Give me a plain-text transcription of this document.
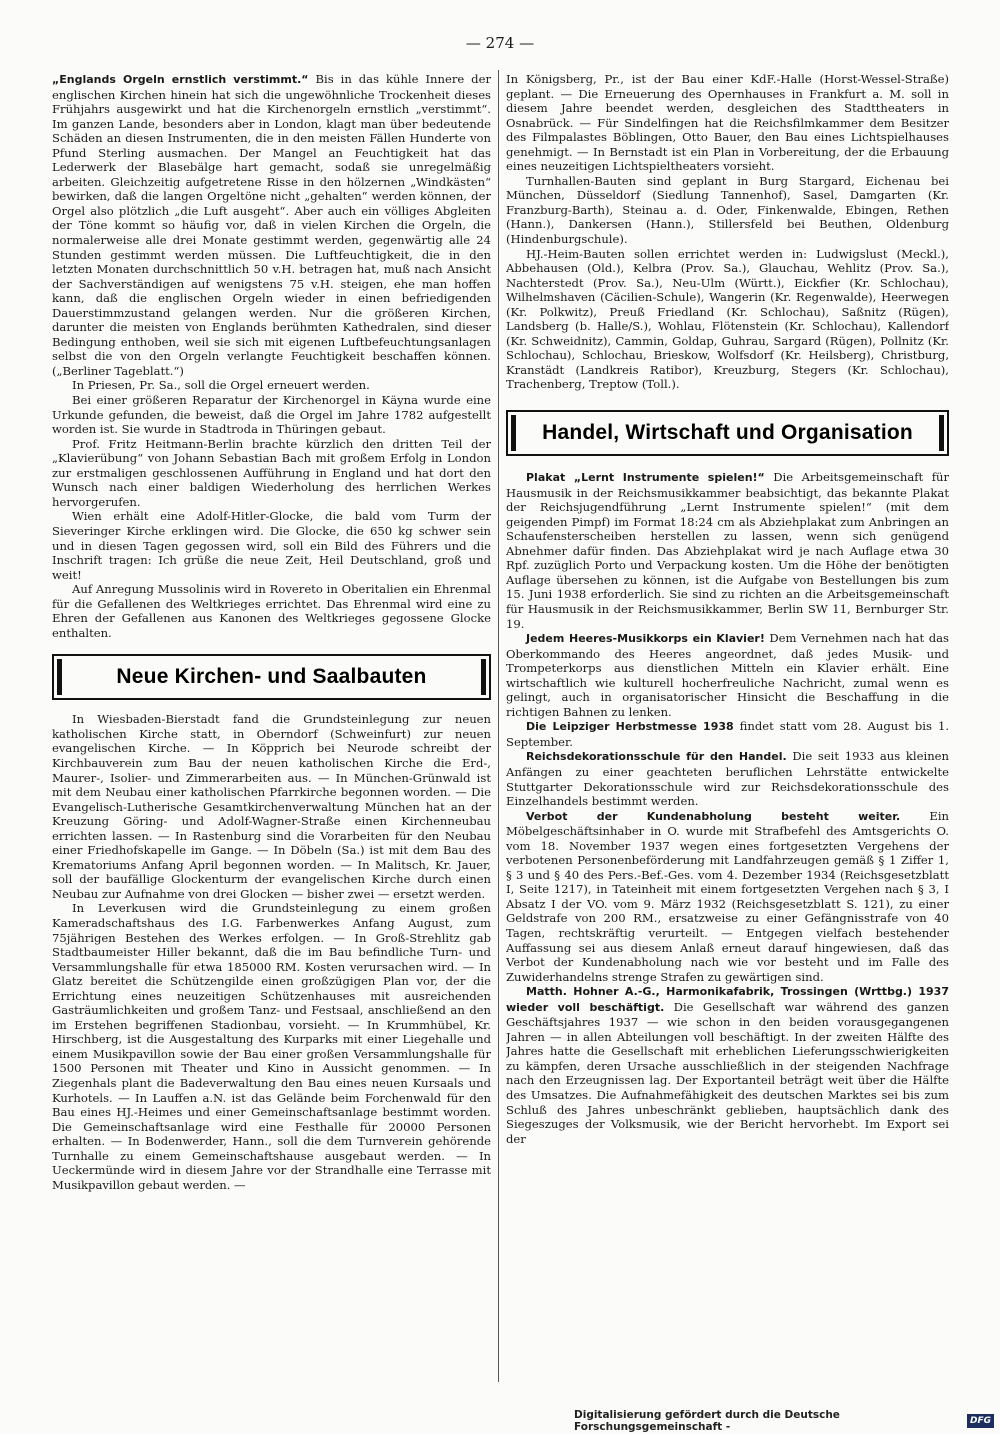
— 274 —

„Englands Orgeln ernstlich verstimmt.“ Bis in das kühle Innere der englischen Kirchen hinein hat sich die ungewöhnliche Trockenheit dieses Frühjahrs ausgewirkt und hat die Kirchenorgeln ernstlich „verstimmt“. Im ganzen Lande, besonders aber in London, klagt man über bedeutende Schäden an diesen Instrumenten, die in den meisten Fällen Hunderte von Pfund Sterling ausmachen. Der Mangel an Feuchtigkeit hat das Lederwerk der Blasebälge hart gemacht, sodaß sie unregelmäßig arbeiten. Gleichzeitig aufgetretene Risse in den hölzernen „Windkästen“ bewirken, daß die langen Orgeltöne nicht „gehalten“ werden können, der Orgel also plötzlich „die Luft ausgeht“. Aber auch ein völliges Abgleiten der Töne kommt so häufig vor, daß in vielen Kirchen die Orgeln, die normalerweise alle drei Monate gestimmt werden, gegenwärtig alle 24 Stunden gestimmt werden müssen. Die Luftfeuchtigkeit, die in den letzten Monaten durchschnittlich 50 v.H. betragen hat, muß nach Ansicht der Sachverständigen auf wenigstens 75 v.H. steigen, ehe man hoffen kann, daß die englischen Orgeln wieder in einen befriedigenden Dauerstimmzustand gelangen werden. Nur die größeren Kirchen, darunter die meisten von Englands berühmten Kathedralen, sind dieser Bedingung enthoben, weil sie sich mit eigenen Luftbefeuchtungsanlagen selbst die von den Orgeln verlangte Feuchtigkeit beschaffen können. („Berliner Tageblatt.“)

In Priesen, Pr. Sa., soll die Orgel erneuert werden.

Bei einer größeren Reparatur der Kirchenorgel in Käyna wurde eine Urkunde gefunden, die beweist, daß die Orgel im Jahre 1782 aufgestellt worden ist. Sie wurde in Stadtroda in Thüringen gebaut.

Prof. Fritz Heitmann-Berlin brachte kürzlich den dritten Teil der „Klavierübung“ von Johann Sebastian Bach mit großem Erfolg in London zur erstmaligen geschlossenen Aufführung in England und hat dort den Wunsch nach einer baldigen Wiederholung des herrlichen Werkes hervorgerufen.

Wien erhält eine Adolf-Hitler-Glocke, die bald vom Turm der Sieveringer Kirche erklingen wird. Die Glocke, die 650 kg schwer sein und in diesen Tagen gegossen wird, soll ein Bild des Führers und die Inschrift tragen: Ich grüße die neue Zeit, Heil Deutschland, groß und weit!

Auf Anregung Mussolinis wird in Rovereto in Oberitalien ein Ehrenmal für die Gefallenen des Weltkrieges errichtet. Das Ehrenmal wird eine zu Ehren der Gefallenen aus Kanonen des Weltkrieges gegossene Glocke enthalten.

Neue Kirchen- und Saalbauten

In Wiesbaden-Bierstadt fand die Grundsteinlegung zur neuen katholischen Kirche statt, in Oberndorf (Schweinfurt) zur neuen evangelischen Kirche. — In Köpprich bei Neurode schreibt der Kirchbauverein zum Bau der neuen katholischen Kirche die Erd-, Maurer-, Isolier- und Zimmerarbeiten aus. — In München-Grünwald ist mit dem Neubau einer katholischen Pfarrkirche begonnen worden. — Die Evangelisch-Lutherische Gesamtkirchenverwaltung München hat an der Kreuzung Göring- und Adolf-Wagner-Straße einen Kirchenneubau errichten lassen. — In Rastenburg sind die Vorarbeiten für den Neubau einer Friedhofskapelle im Gange. — In Döbeln (Sa.) ist mit dem Bau des Krematoriums Anfang April begonnen worden. — In Malitsch, Kr. Jauer, soll der baufällige Glockenturm der evangelischen Kirche durch einen Neubau zur Aufnahme von drei Glocken — bisher zwei — ersetzt werden.

In Leverkusen wird die Grundsteinlegung zu einem großen Kameradschaftshaus des I.G. Farbenwerkes Anfang August, zum 75jährigen Bestehen des Werkes erfolgen. — In Groß-Strehlitz gab Stadtbaumeister Hiller bekannt, daß die im Bau befindliche Turn- und Versammlungshalle für etwa 185000 RM. Kosten verursachen wird. — In Glatz bereitet die Schützengilde einen großzügigen Plan vor, der die Errichtung eines neuzeitigen Schützenhauses mit ausreichenden Gasträumlichkeiten und großem Tanz- und Festsaal, anschließend an den im Erstehen begriffenen Stadionbau, vorsieht. — In Krummhübel, Kr. Hirschberg, ist die Ausgestaltung des Kurparks mit einer Liegehalle und einem Musikpavillon sowie der Bau einer großen Versammlungshalle für 1500 Personen mit Theater und Kino in Aussicht genommen. — In Ziegenhals plant die Badeverwaltung den Bau eines neuen Kursaals und Kurhotels. — In Lauffen a.N. ist das Gelände beim Forchenwald für den Bau eines HJ.-Heimes und einer Gemeinschaftsanlage bestimmt worden. Die Gemeinschaftsanlage wird eine Festhalle für 20000 Personen erhalten. — In Bodenwerder, Hann., soll die dem Turnverein gehörende Turnhalle zu einem Gemeinschaftshause ausgebaut werden. — In Ueckermünde wird in diesem Jahre vor der Strandhalle eine Terrasse mit Musikpavillon gebaut werden. —

In Königsberg, Pr., ist der Bau einer KdF.-Halle (Horst-Wessel-Straße) geplant. — Die Erneuerung des Opernhauses in Frankfurt a. M. soll in diesem Jahre beendet werden, desgleichen des Stadttheaters in Osnabrück. — Für Sindelfingen hat die Reichsfilmkammer dem Besitzer des Filmpalastes Böblingen, Otto Bauer, den Bau eines Lichtspielhauses genehmigt. — In Bernstadt ist ein Plan in Vorbereitung, der die Erbauung eines neuzeitigen Lichtspieltheaters vorsieht.

Turnhallen-Bauten sind geplant in Burg Stargard, Eichenau bei München, Düsseldorf (Siedlung Tannenhof), Sasel, Damgarten (Kr. Franzburg-Barth), Steinau a. d. Oder, Finkenwalde, Ebingen, Rethen (Hann.), Dankersen (Hann.), Stillersfeld bei Beuthen, Oldenburg (Hindenburgschule).

HJ.-Heim-Bauten sollen errichtet werden in: Ludwigslust (Meckl.), Abbehausen (Old.), Kelbra (Prov. Sa.), Glauchau, Wehlitz (Prov. Sa.), Nachterstedt (Prov. Sa.), Neu-Ulm (Württ.), Eickfier (Kr. Schlochau), Wilhelmshaven (Cäcilien-Schule), Wangerin (Kr. Regenwalde), Heerwegen (Kr. Polkwitz), Preuß Friedland (Kr. Schlochau), Saßnitz (Rügen), Landsberg (b. Halle/S.), Wohlau, Flötenstein (Kr. Schlochau), Kallendorf (Kr. Schweidnitz), Cammin, Goldap, Guhrau, Sargard (Rügen), Pollnitz (Kr. Schlochau), Schlochau, Brieskow, Wolfsdorf (Kr. Heilsberg), Christburg, Kranstädt (Landkreis Ratibor), Kreuzburg, Stegers (Kr. Schlochau), Trachenberg, Treptow (Toll.).

Handel, Wirtschaft und Organisation

Plakat „Lernt Instrumente spielen!“ Die Arbeitsgemeinschaft für Hausmusik in der Reichsmusikkammer beabsichtigt, das bekannte Plakat der Reichsjugendführung „Lernt Instrumente spielen!“ (mit dem geigenden Pimpf) im Format 18:24 cm als Abziehplakat zum Anbringen an Schaufensterscheiben herstellen zu lassen, wenn sich genügend Abnehmer dafür finden. Das Abziehplakat wird je nach Auflage etwa 30 Rpf. zuzüglich Porto und Verpackung kosten. Um die Höhe der benötigten Auflage übersehen zu können, ist die Aufgabe von Bestellungen bis zum 15. Juni 1938 erforderlich. Sie sind zu richten an die Arbeitsgemeinschaft für Hausmusik in der Reichsmusikkammer, Berlin SW 11, Bernburger Str. 19.

Jedem Heeres-Musikkorps ein Klavier! Dem Vernehmen nach hat das Oberkommando des Heeres angeordnet, daß jedes Musik- und Trompeterkorps aus dienstlichen Mitteln ein Klavier erhält. Eine wirtschaftlich wie kulturell hocherfreuliche Nachricht, zumal wenn es gelingt, auch in organisatorischer Hinsicht die Beschaffung in die richtigen Bahnen zu lenken.

Die Leipziger Herbstmesse 1938 findet statt vom 28. August bis 1. September.

Reichsdekorationsschule für den Handel. Die seit 1933 aus kleinen Anfängen zu einer geachteten beruflichen Lehrstätte entwickelte Stuttgarter Dekorationsschule wird zur Reichsdekorationsschule des Einzelhandels bestimmt werden.

Verbot der Kundenabholung besteht weiter. Ein Möbelgeschäftsinhaber in O. wurde mit Strafbefehl des Amtsgerichts O. vom 18. November 1937 wegen eines fortgesetzten Vergehens der verbotenen Personenbeförderung mit Landfahrzeugen gemäß § 1 Ziffer 1, § 3 und § 40 des Pers.-Bef.-Ges. vom 4. Dezember 1934 (Reichsgesetzblatt I, Seite 1217), in Tateinheit mit einem fortgesetzten Vergehen nach § 3, I Absatz I der VO. vom 9. März 1932 (Reichsgesetzblatt S. 121), zu einer Geldstrafe von 200 RM., ersatzweise zu einer Gefängnisstrafe von 40 Tagen, rechtskräftig verurteilt. — Entgegen vielfach bestehender Auffassung sei aus diesem Anlaß erneut darauf hingewiesen, daß das Verbot der Kundenabholung nach wie vor besteht und im Falle des Zuwiderhandelns strenge Strafen zu gewärtigen sind.

Matth. Hohner A.-G., Harmonikafabrik, Trossingen (Wrttbg.) 1937 wieder voll beschäftigt. Die Gesellschaft war während des ganzen Geschäftsjahres 1937 — wie schon in den beiden vorausgegangenen Jahren — in allen Abteilungen voll beschäftigt. In der zweiten Hälfte des Jahres hatte die Gesellschaft mit erheblichen Lieferungsschwierigkeiten zu kämpfen, deren Ursache ausschließlich in der steigenden Nachfrage nach den Erzeugnissen lag. Der Exportanteil beträgt weit über die Hälfte des Umsatzes. Die Aufnahmefähigkeit des deutschen Marktes sei bis zum Schluß des Jahres unbeschränkt geblieben, hauptsächlich dank des Siegeszuges der Volksmusik, wie der Bericht hervorhebt. Im Export sei der

Digitalisierung gefördert durch die Deutsche Forschungsgemeinschaft -	DFG
